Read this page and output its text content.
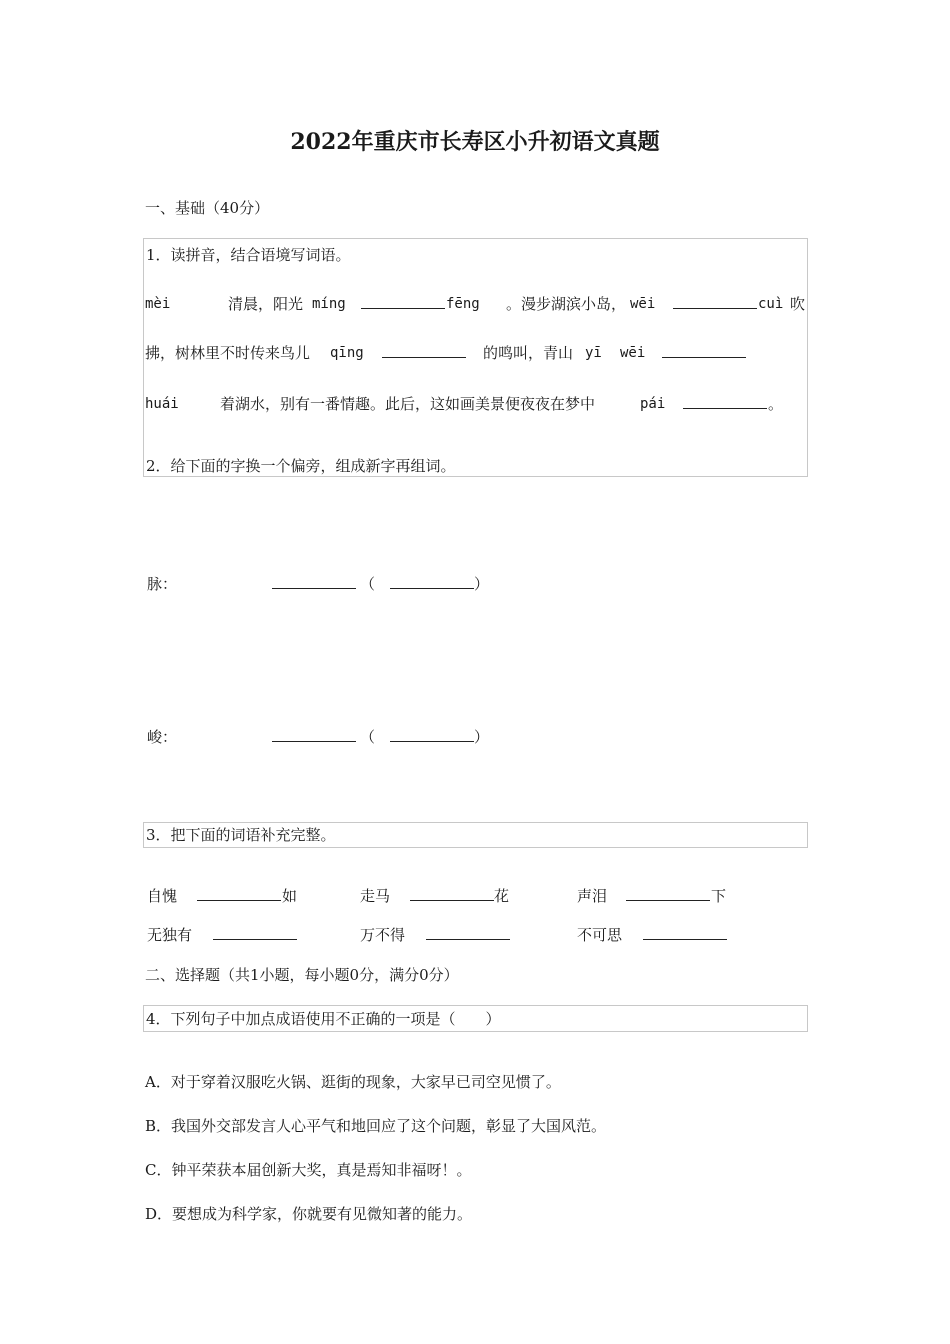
2022年重庆市长寿区小升初语文真题
一、基础（40分）
1．读拼音，结合语境写词语。
mèi	清晨，阳光 míng	fēng 。漫步湖滨小岛， wēi	cuì 吹
拂，树林里不时传来鸟儿 qīng	的鸣叫，青山 yī wēi
huái	着湖水，别有一番情趣。此后，这如画美景便夜夜在梦中	pái	。
2．给下面的字换一个偏旁，组成新字再组词。
脉：	（	）
峻：	（	）
3．把下面的词语补充完整。
自愧	如	走马	花	声泪	下
无独有	万不得	不可思
二、选择题（共1小题，每小题0分，满分0分）
4．下列句子中加点成语使用不正确的一项是（　　）
A．对于穿着汉服吃火锅、逛街的现象，大家早已司空见惯了。
B．我国外交部发言人心平气和地回应了这个问题，彰显了大国风范。
C．钟平荣获本届创新大奖，真是焉知非福呀！。
D．要想成为科学家，你就要有见微知著的能力。
